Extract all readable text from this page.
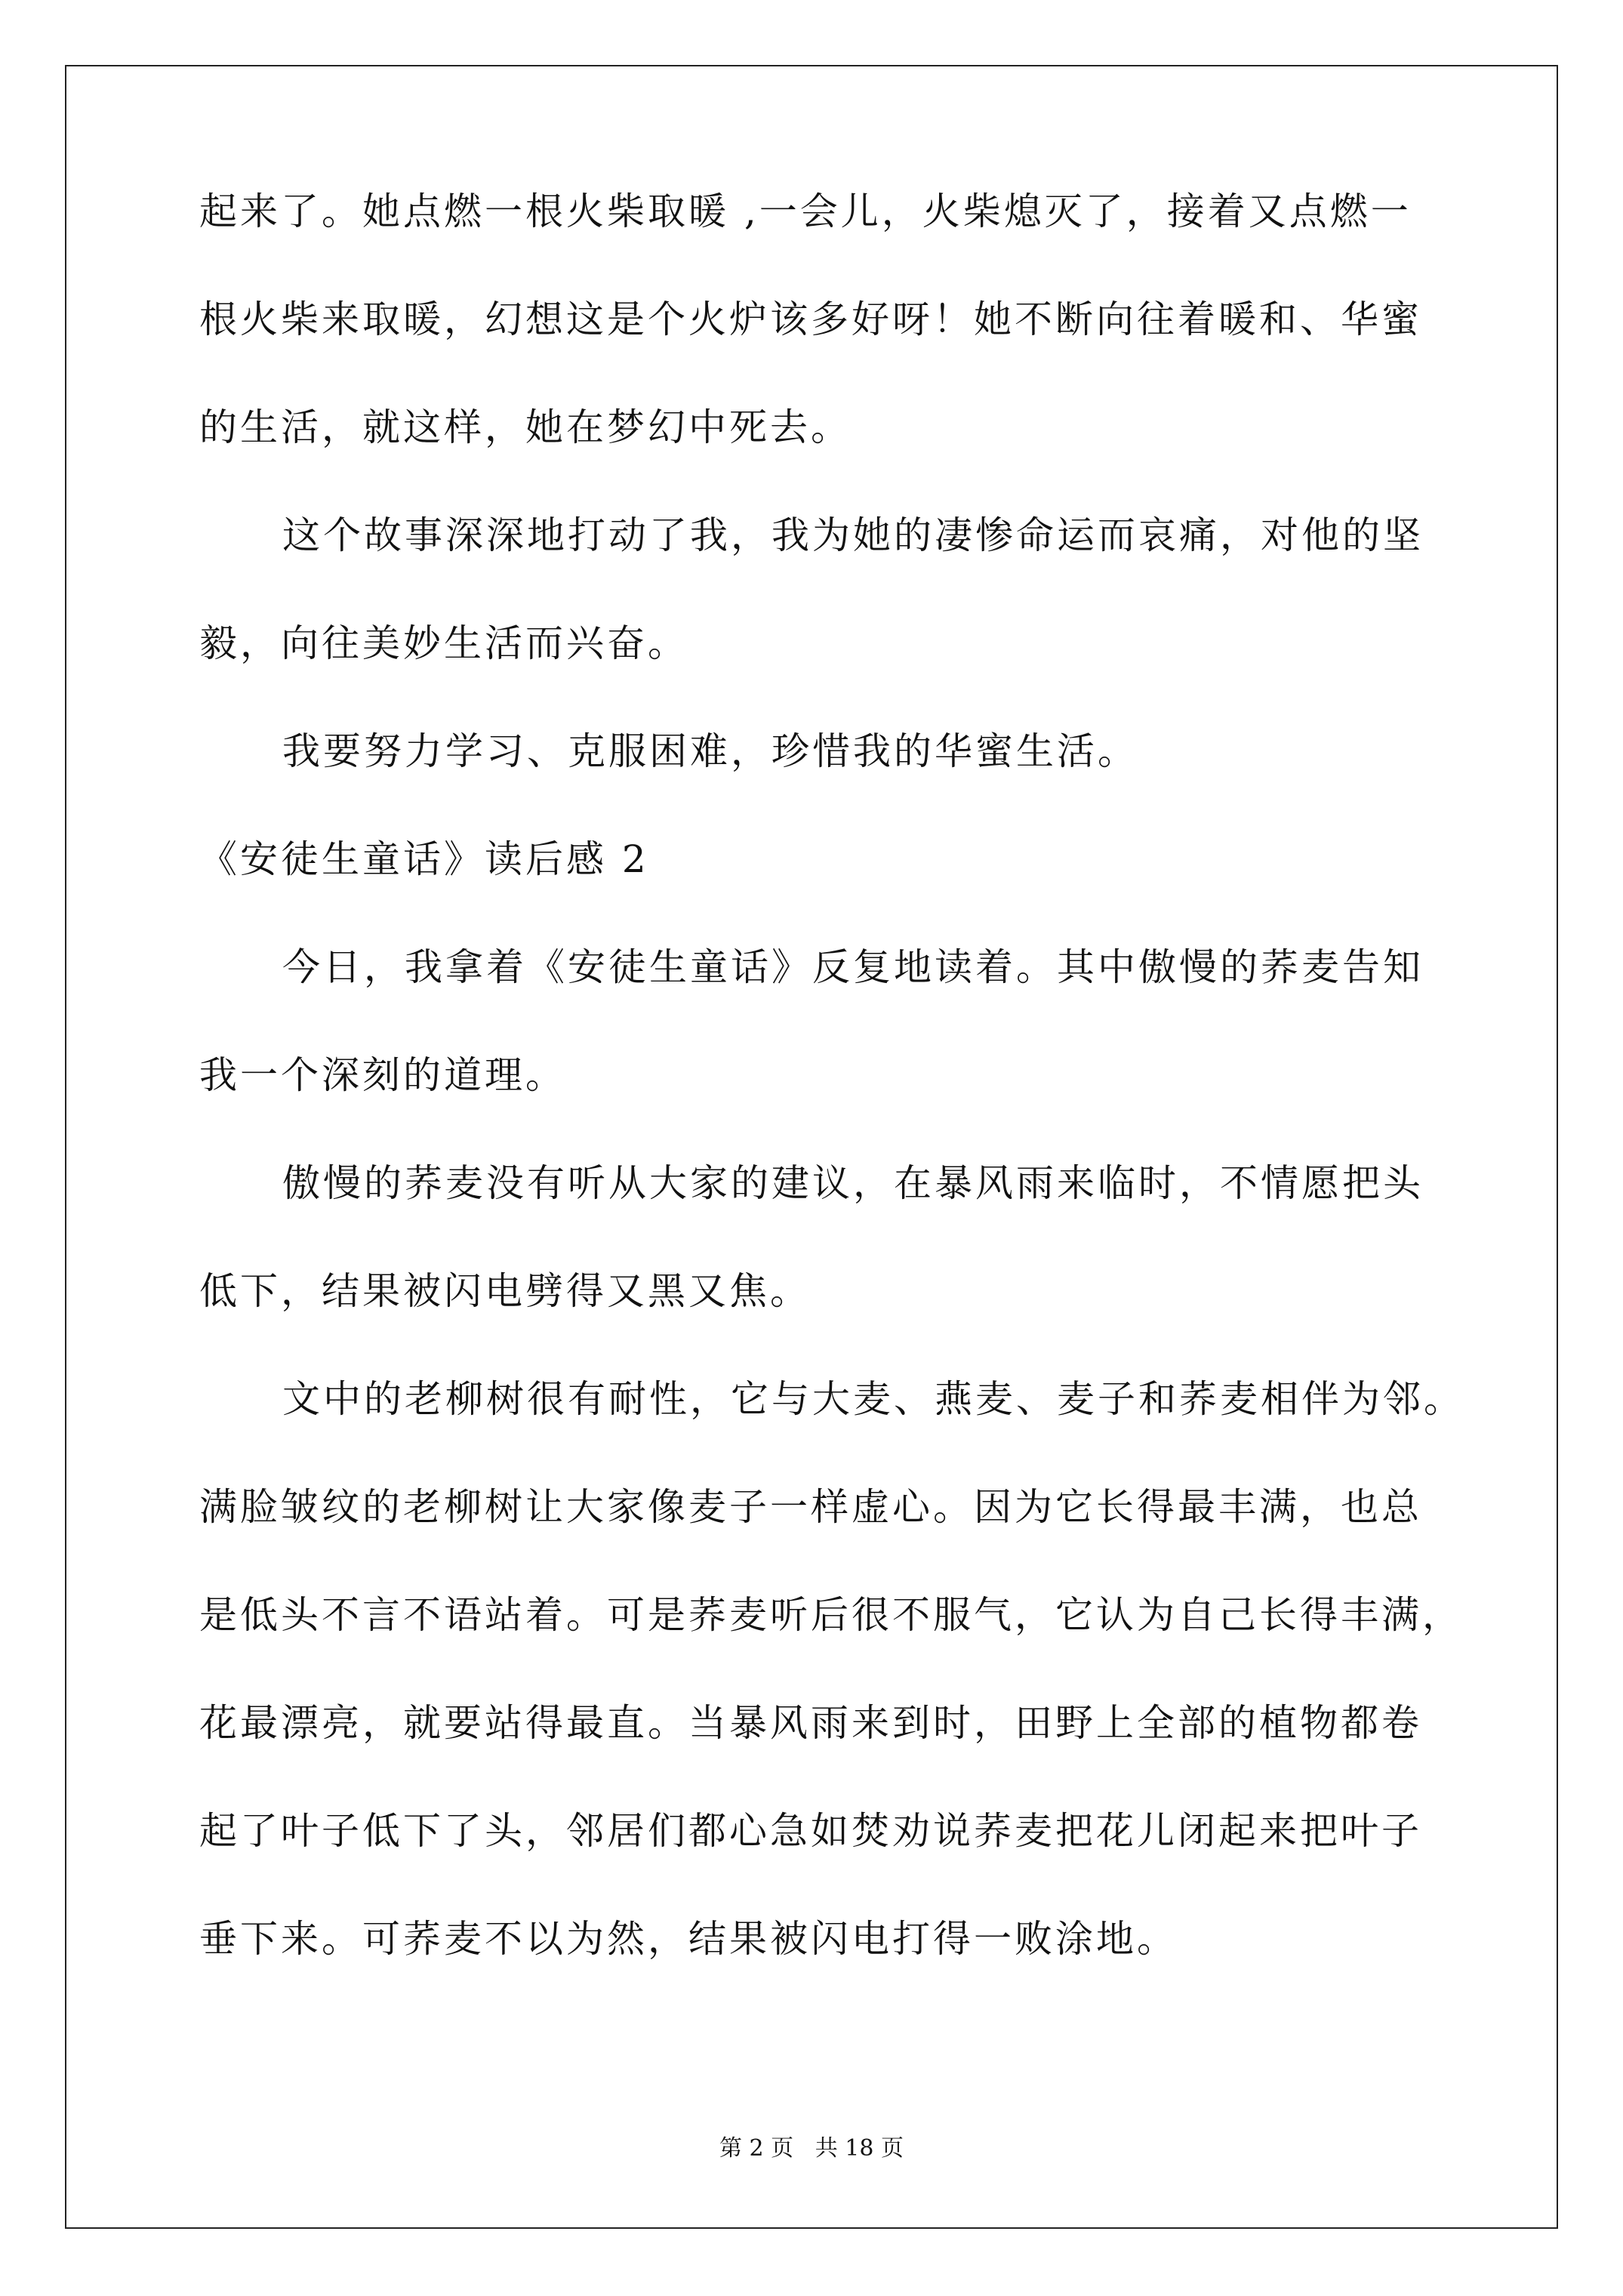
起来了。她点燃一根火柴取暖 ,一会儿，火柴熄灭了，接着又点燃一
根火柴来取暖，幻想这是个火炉该多好呀！她不断向往着暖和、华蜜
的生活，就这样，她在梦幻中死去。
这个故事深深地打动了我，我为她的凄惨命运而哀痛，对他的坚
毅，向往美妙生活而兴奋。
我要努力学习、克服困难，珍惜我的华蜜生活。
《安徒生童话》读后感 2
今日，我拿着《安徒生童话》反复地读着。其中傲慢的荞麦告知
我一个深刻的道理。
傲慢的荞麦没有听从大家的建议，在暴风雨来临时，不情愿把头
低下，结果被闪电劈得又黑又焦。
文中的老柳树很有耐性，它与大麦、燕麦、麦子和荞麦相伴为邻。
满脸皱纹的老柳树让大家像麦子一样虚心。因为它长得最丰满，也总
是低头不言不语站着。可是荞麦听后很不服气，它认为自己长得丰满，
花最漂亮，就要站得最直。当暴风雨来到时，田野上全部的植物都卷
起了叶子低下了头，邻居们都心急如焚劝说荞麦把花儿闭起来把叶子
垂下来。可荞麦不以为然，结果被闪电打得一败涂地。
第 2 页   共 18 页
